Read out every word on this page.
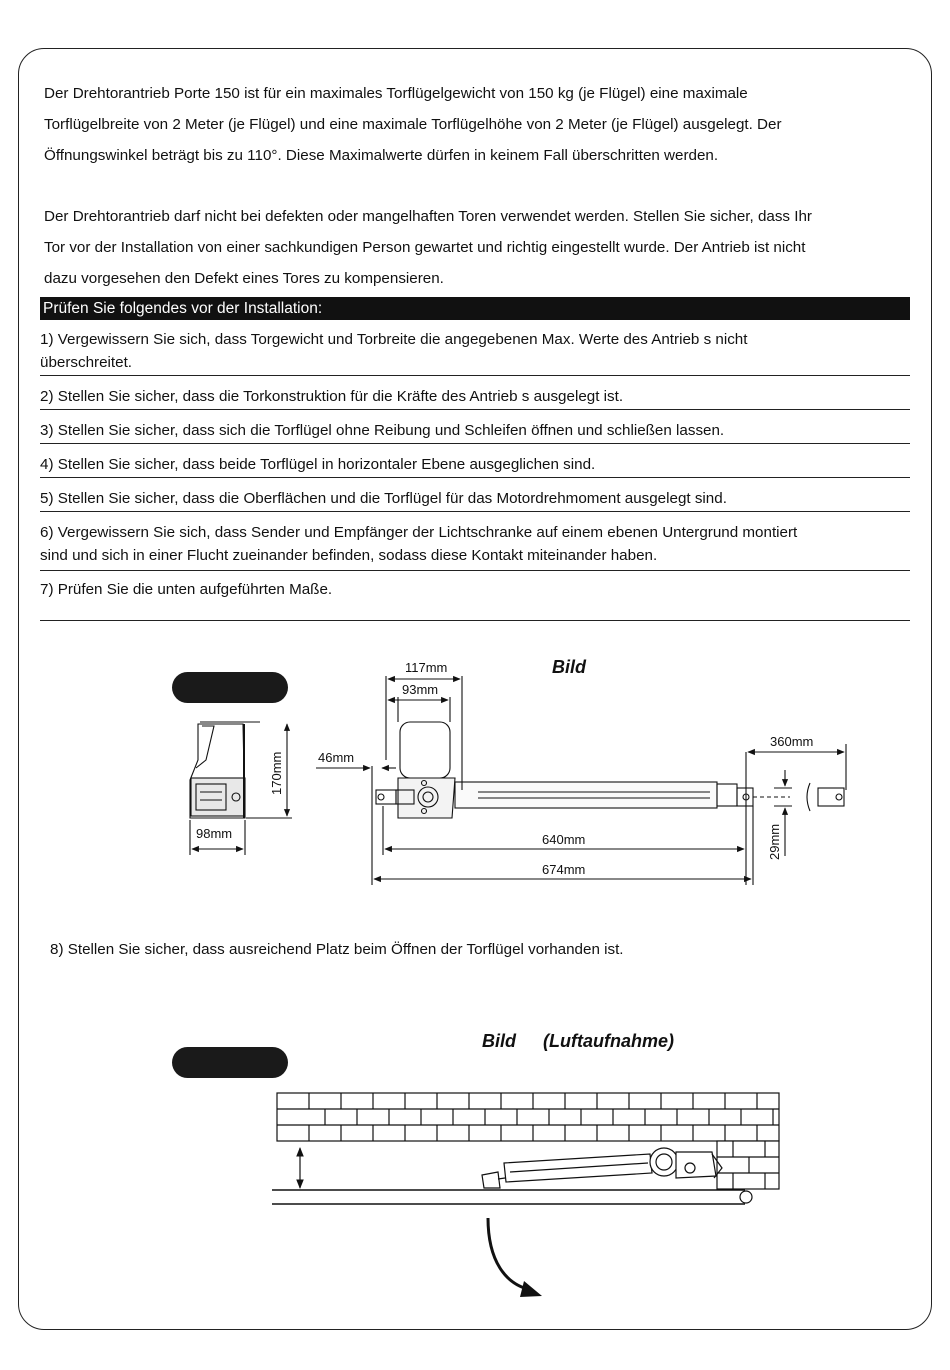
Der Drehtorantrieb Porte 150 ist für ein maximales Torflügelgewicht von 150 kg (je Flügel) eine maximale
Torflügelbreite von 2 Meter (je Flügel) und eine maximale Torflügelhöhe von 2 Meter (je Flügel) ausgelegt. Der
Öffnungswinkel beträgt bis zu 110°. Diese Maximalwerte dürfen in keinem Fall überschritten werden.
Der Drehtorantrieb darf nicht bei defekten oder mangelhaften Toren verwendet werden. Stellen Sie sicher, dass Ihr
Tor vor der Installation von einer sachkundigen Person gewartet und richtig eingestellt wurde. Der Antrieb ist nicht
dazu vorgesehen den Defekt eines Tores zu kompensieren.
Prüfen Sie folgendes vor der Installation:
1) Vergewissern Sie sich, dass Torgewicht und Torbreite die angegebenen Max. Werte des Antrieb s nicht
überschreitet.
2) Stellen Sie sicher, dass die Torkonstruktion für die Kräfte des Antrieb s ausgelegt ist.
3) Stellen Sie sicher, dass sich die Torflügel ohne Reibung und Schleifen öffnen und schließen lassen.
4) Stellen Sie sicher, dass beide Torflügel in horizontaler Ebene ausgeglichen sind.
5) Stellen Sie sicher, dass die Oberflächen und die Torflügel für das Motordrehmoment ausgelegt sind.
6) Vergewissern Sie sich, dass Sender und Empfänger der Lichtschranke auf einem ebenen Untergrund montiert
sind und sich in einer Flucht zueinander befinden, sodass diese Kontakt miteinander haben.
7) Prüfen Sie die unten aufgeführten Maße.
Bild
117mm
93mm
46mm
98mm	640mm
674mm
360mm
170mm
29mm
8) Stellen Sie sicher, dass ausreichend Platz beim Öffnen der Torflügel vorhanden ist.
Bild (Luftaufnahme)
